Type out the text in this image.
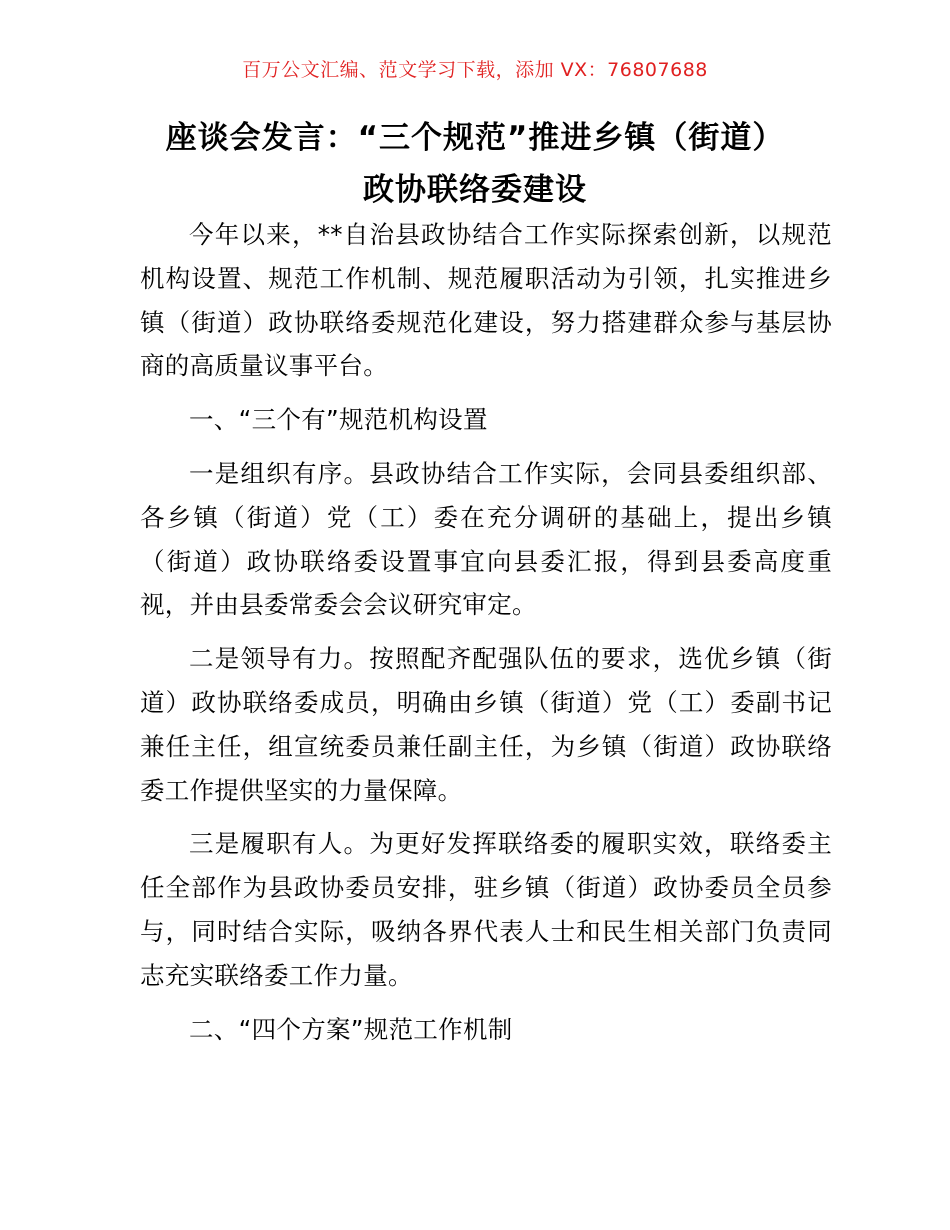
百万公文汇编、范文学习下载，添加 VX：76807688
座谈会发言：“三个规范”推进乡镇（街道）
政协联络委建设

今年以来，**自治县政协结合工作实际探索创新，以规范机构设置、规范工作机制、规范履职活动为引领，扎实推进乡镇（街道）政协联络委规范化建设，努力搭建群众参与基层协商的高质量议事平台。

一、“三个有”规范机构设置

一是组织有序。县政协结合工作实际，会同县委组织部、各乡镇（街道）党（工）委在充分调研的基础上，提出乡镇（街道）政协联络委设置事宜向县委汇报，得到县委高度重视，并由县委常委会会议研究审定。

二是领导有力。按照配齐配强队伍的要求，选优乡镇（街道）政协联络委成员，明确由乡镇（街道）党（工）委副书记兼任主任，组宣统委员兼任副主任，为乡镇（街道）政协联络委工作提供坚实的力量保障。

三是履职有人。为更好发挥联络委的履职实效，联络委主任全部作为县政协委员安排，驻乡镇（街道）政协委员全员参与，同时结合实际，吸纳各界代表人士和民生相关部门负责同志充实联络委工作力量。

二、“四个方案”规范工作机制
